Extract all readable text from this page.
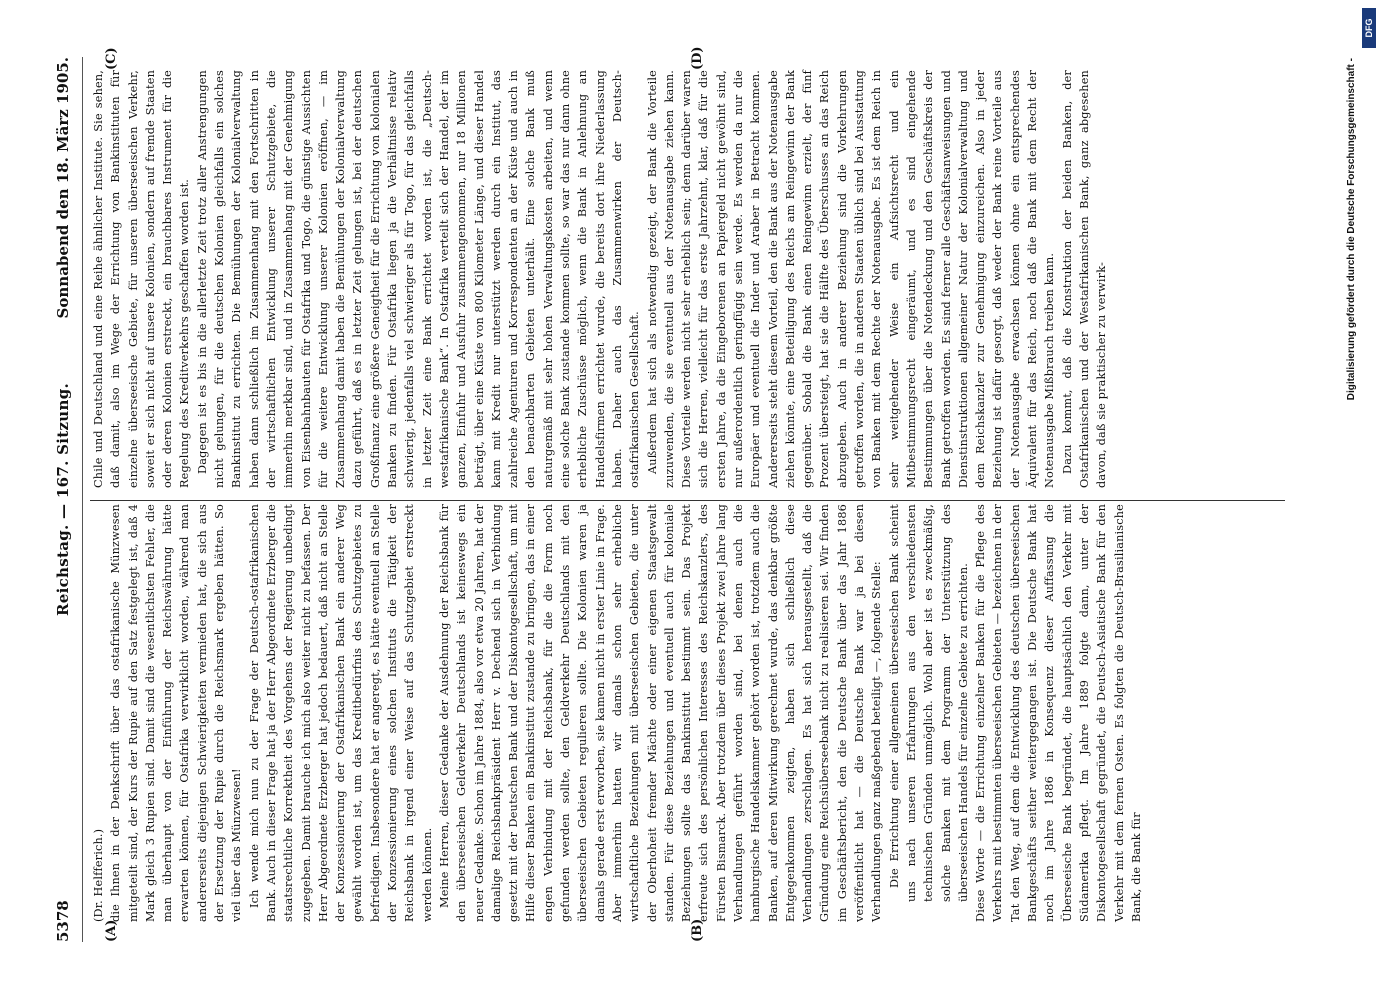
5378
Reichstag. — 167. Sitzung.
Sonnabend den 18. März 1905.

(Dr. Helfferich.) die Ihnen in der Denkschrift über das ostafrikanische Münzwesen mitgeteilt sind, der Kurs der Rupie auf den Satz festgelegt ist, daß 4 Mark gleich 3 Rupien sind. Damit sind die wesentlichsten Fehler, die man überhaupt von der Einführung der Reichswährung hätte erwarten können, für Ostafrika verwirklicht worden, während man andererseits diejenigen Schwierigkeiten vermieden hat, die sich aus der Ersetzung der Rupie durch die Reichsmark ergeben hätten. So viel über das Münzwesen! Ich wende mich nun zu der Frage der Deutsch-ostafrikanischen Bank. Auch in dieser Frage hat ja der Herr Abgeordnete Erzberger die staatsrechtliche Korrektheit des Vorgehens der Regierung unbedingt zugegeben. Damit brauche ich mich also weiter nicht zu befassen. Der Herr Abgeordnete Erzberger hat jedoch bedauert, daß nicht an Stelle der Konzessionierung der Ostafrikanischen Bank ein anderer Weg gewählt worden ist, um das Kreditbedürfnis des Schutzgebietes zu befriedigen. Insbesondere hat er angeregt, es hätte eventuell an Stelle der Konzessionierung eines solchen Instituts die Tätigkeit der Reichsbank in irgend einer Weise auf das Schutzgebiet erstreckt werden können. Meine Herren, dieser Gedanke der Ausdehnung der Reichsbank für den überseeischen Geldverkehr Deutschlands ist keineswegs ein neuer Gedanke. Schon im Jahre 1884, also vor etwa 20 Jahren, hat der damalige Reichsbankpräsident Herr v. Dechend sich in Verbindung gesetzt mit der Deutschen Bank und der Diskontogesellschaft, um mit Hilfe dieser Banken ein Bankinstitut zustande zu bringen, das in einer engen Verbindung mit der Reichsbank, für die die Form noch gefunden werden sollte, den Geldverkehr Deutschlands mit den überseeischen Gebieten regulieren sollte. Die Kolonien waren ja damals gerade erst erworben, sie kamen nicht in erster Linie in Frage. Aber immerhin hatten wir damals schon sehr erhebliche wirtschaftliche Beziehungen mit überseeischen Gebieten, die unter der Oberhoheit fremder Mächte oder einer eigenen Staatsgewalt standen. Für diese Beziehungen und eventuell auch für koloniale Beziehungen sollte das Bankinstitut bestimmt sein. Das Projekt erfreute sich des persönlichen Interesses des Reichskanzlers, des Fürsten Bismarck. Aber trotzdem über dieses Projekt zwei Jahre lang Verhandlungen geführt worden sind, bei denen auch die hamburgische Handelskammer gehört worden ist, trotzdem auch die Banken, auf deren Mitwirkung gerechnet wurde, das denkbar größte Entgegenkommen zeigten, haben sich schließlich diese Verhandlungen zerschlagen. Es hat sich herausgestellt, daß die Gründung eine Reichsüberseebank nicht zu realisieren sei. Wir finden im Geschäftsbericht, den die Deutsche Bank über das Jahr 1886 veröffentlicht hat — die Deutsche Bank war ja bei diesen Verhandlungen ganz maßgebend beteiligt —, folgende Stelle: Die Errichtung einer allgemeinen überseeischen Bank scheint uns nach unseren Erfahrungen aus den verschiedensten technischen Gründen unmöglich. Wohl aber ist es zweckmäßig, solche Banken mit dem Programm der Unterstützung des überseeischen Handels für einzelne Gebiete zu errichten. Diese Worte — die Errichtung einzelner Banken für die Pflege des Verkehrs mit bestimmten überseeischen Gebieten — bezeichnen in der Tat den Weg, auf dem die Entwicklung des deutschen überseeischen Bankgeschäfts seither weitergegangen ist. Die Deutsche Bank hat noch im Jahre 1886 in Konsequenz dieser Auffassung die Überseeische Bank begründet, die hauptsächlich den Verkehr mit Südamerika pflegt. Im Jahre 1889 folgte dann, unter der Diskontogesellschaft gegründet, die Deutsch-Asiatische Bank für den Verkehr mit dem fernen Osten. Es folgten die Deutsch-Brasilianische Bank, die Bank für

Chile und Deutschland und eine Reihe ähnlicher Institute. Sie sehen, daß damit, also im Wege der Errichtung von Bankinstituten für einzelne überseeische Gebiete, für unseren überseeischen Verkehr, soweit er sich nicht auf unsere Kolonien, sondern auf fremde Staaten oder deren Kolonien erstreckt, ein brauchbares Instrument für die Regelung des Kreditverkehrs geschaffen worden ist. Dagegen ist es bis in die allerletzte Zeit trotz aller Anstrengungen nicht gelungen, für die deutschen Kolonien gleichfalls ein solches Bankinstitut zu errichten. Die Bemühungen der Kolonialverwaltung haben dann schließlich im Zusammenhang mit den Fortschritten in der wirtschaftlichen Entwicklung unserer Schutzgebiete, die immerhin merkbar sind, und in Zusammenhang mit der Genehmigung von Eisenbahnbauten für Ostafrika und Togo, die günstige Aussichten für die weitere Entwicklung unserer Kolonien eröffnen, — im Zusammenhang damit haben die Bemühungen der Kolonialverwaltung dazu geführt, daß es in letzter Zeit gelungen ist, bei der deutschen Großfinanz eine größere Geneigtheit für die Errichtung von kolonialen Banken zu finden. Für Ostafrika liegen ja die Verhältnisse relativ schwierig, jedenfalls viel schwieriger als für Togo, für das gleichfalls in letzter Zeit eine Bank errichtet worden ist, die „Deutsch-westafrikanische Bank“. In Ostafrika verteilt sich der Handel, der im ganzen, Einfuhr und Ausfuhr zusammengenommen, nur 18 Millionen beträgt, über eine Küste von 800 Kilometer Länge, und dieser Handel kann mit Kredit nur unterstützt werden durch ein Institut, das zahlreiche Agenturen und Korrespondenten an der Küste und auch in den benachbarten Gebieten unterhält. Eine solche Bank muß naturgemäß mit sehr hohen Verwaltungskosten arbeiten, und wenn eine solche Bank zustande kommen sollte, so war das nur dann ohne erhebliche Zuschüsse möglich, wenn die Bank in Anlehnung an Handelsfirmen errichtet wurde, die bereits dort ihre Niederlassung haben. Daher auch das Zusammenwirken der Deutsch-ostafrikanischen Gesellschaft. Außerdem hat sich als notwendig gezeigt, der Bank die Vorteile zuzuwenden, die sie eventuell aus der Notenausgabe ziehen kann. Diese Vorteile werden nicht sehr erheblich sein; denn darüber waren sich die Herren, vielleicht für das erste Jahrzehnt, klar, daß für die ersten Jahre, da die Eingeborenen an Papiergeld nicht gewöhnt sind, nur außerordentlich geringfügig sein werde. Es werden da nur die Europäer und eventuell die Inder und Araber in Betracht kommen. Andererseits steht diesem Vorteil, den die Bank aus der Notenausgabe ziehen könnte, eine Beteiligung des Reichs am Reingewinn der Bank gegenüber. Sobald die Bank einen Reingewinn erzielt, der fünf Prozent übersteigt, hat sie die Hälfte des Überschusses an das Reich abzugeben. Auch in anderer Beziehung sind die Vorkehrungen getroffen worden, die in anderen Staaten üblich sind bei Ausstattung von Banken mit dem Rechte der Notenausgabe. Es ist dem Reich in sehr weitgehender Weise ein Aufsichtsrecht und ein Mitbestimmungsrecht eingeräumt, und es sind eingehende Bestimmungen über die Notendeckung und den Geschäftskreis der Bank getroffen worden. Es sind ferner alle Geschäftsanweisungen und Dienstinstruktionen allgemeiner Natur der Kolonialverwaltung und dem Reichskanzler zur Genehmigung einzureichen. Also in jeder Beziehung ist dafür gesorgt, daß weder der Bank reine Vorteile aus der Notenausgabe erwachsen können ohne ein entsprechendes Äquivalent für das Reich, noch daß die Bank mit dem Recht der Notenausgabe Mißbrauch treiben kann. Dazu kommt, daß die Konstruktion der beiden Banken, der Ostafrikanischen und der Westafrikanischen Bank, ganz abgesehen davon, daß sie praktischer zu verwirk-

(A)	(B)
(C)	(D)	Digitalisierung gefördert durch die Deutsche Forschungsgemeinschaft -
DFG
